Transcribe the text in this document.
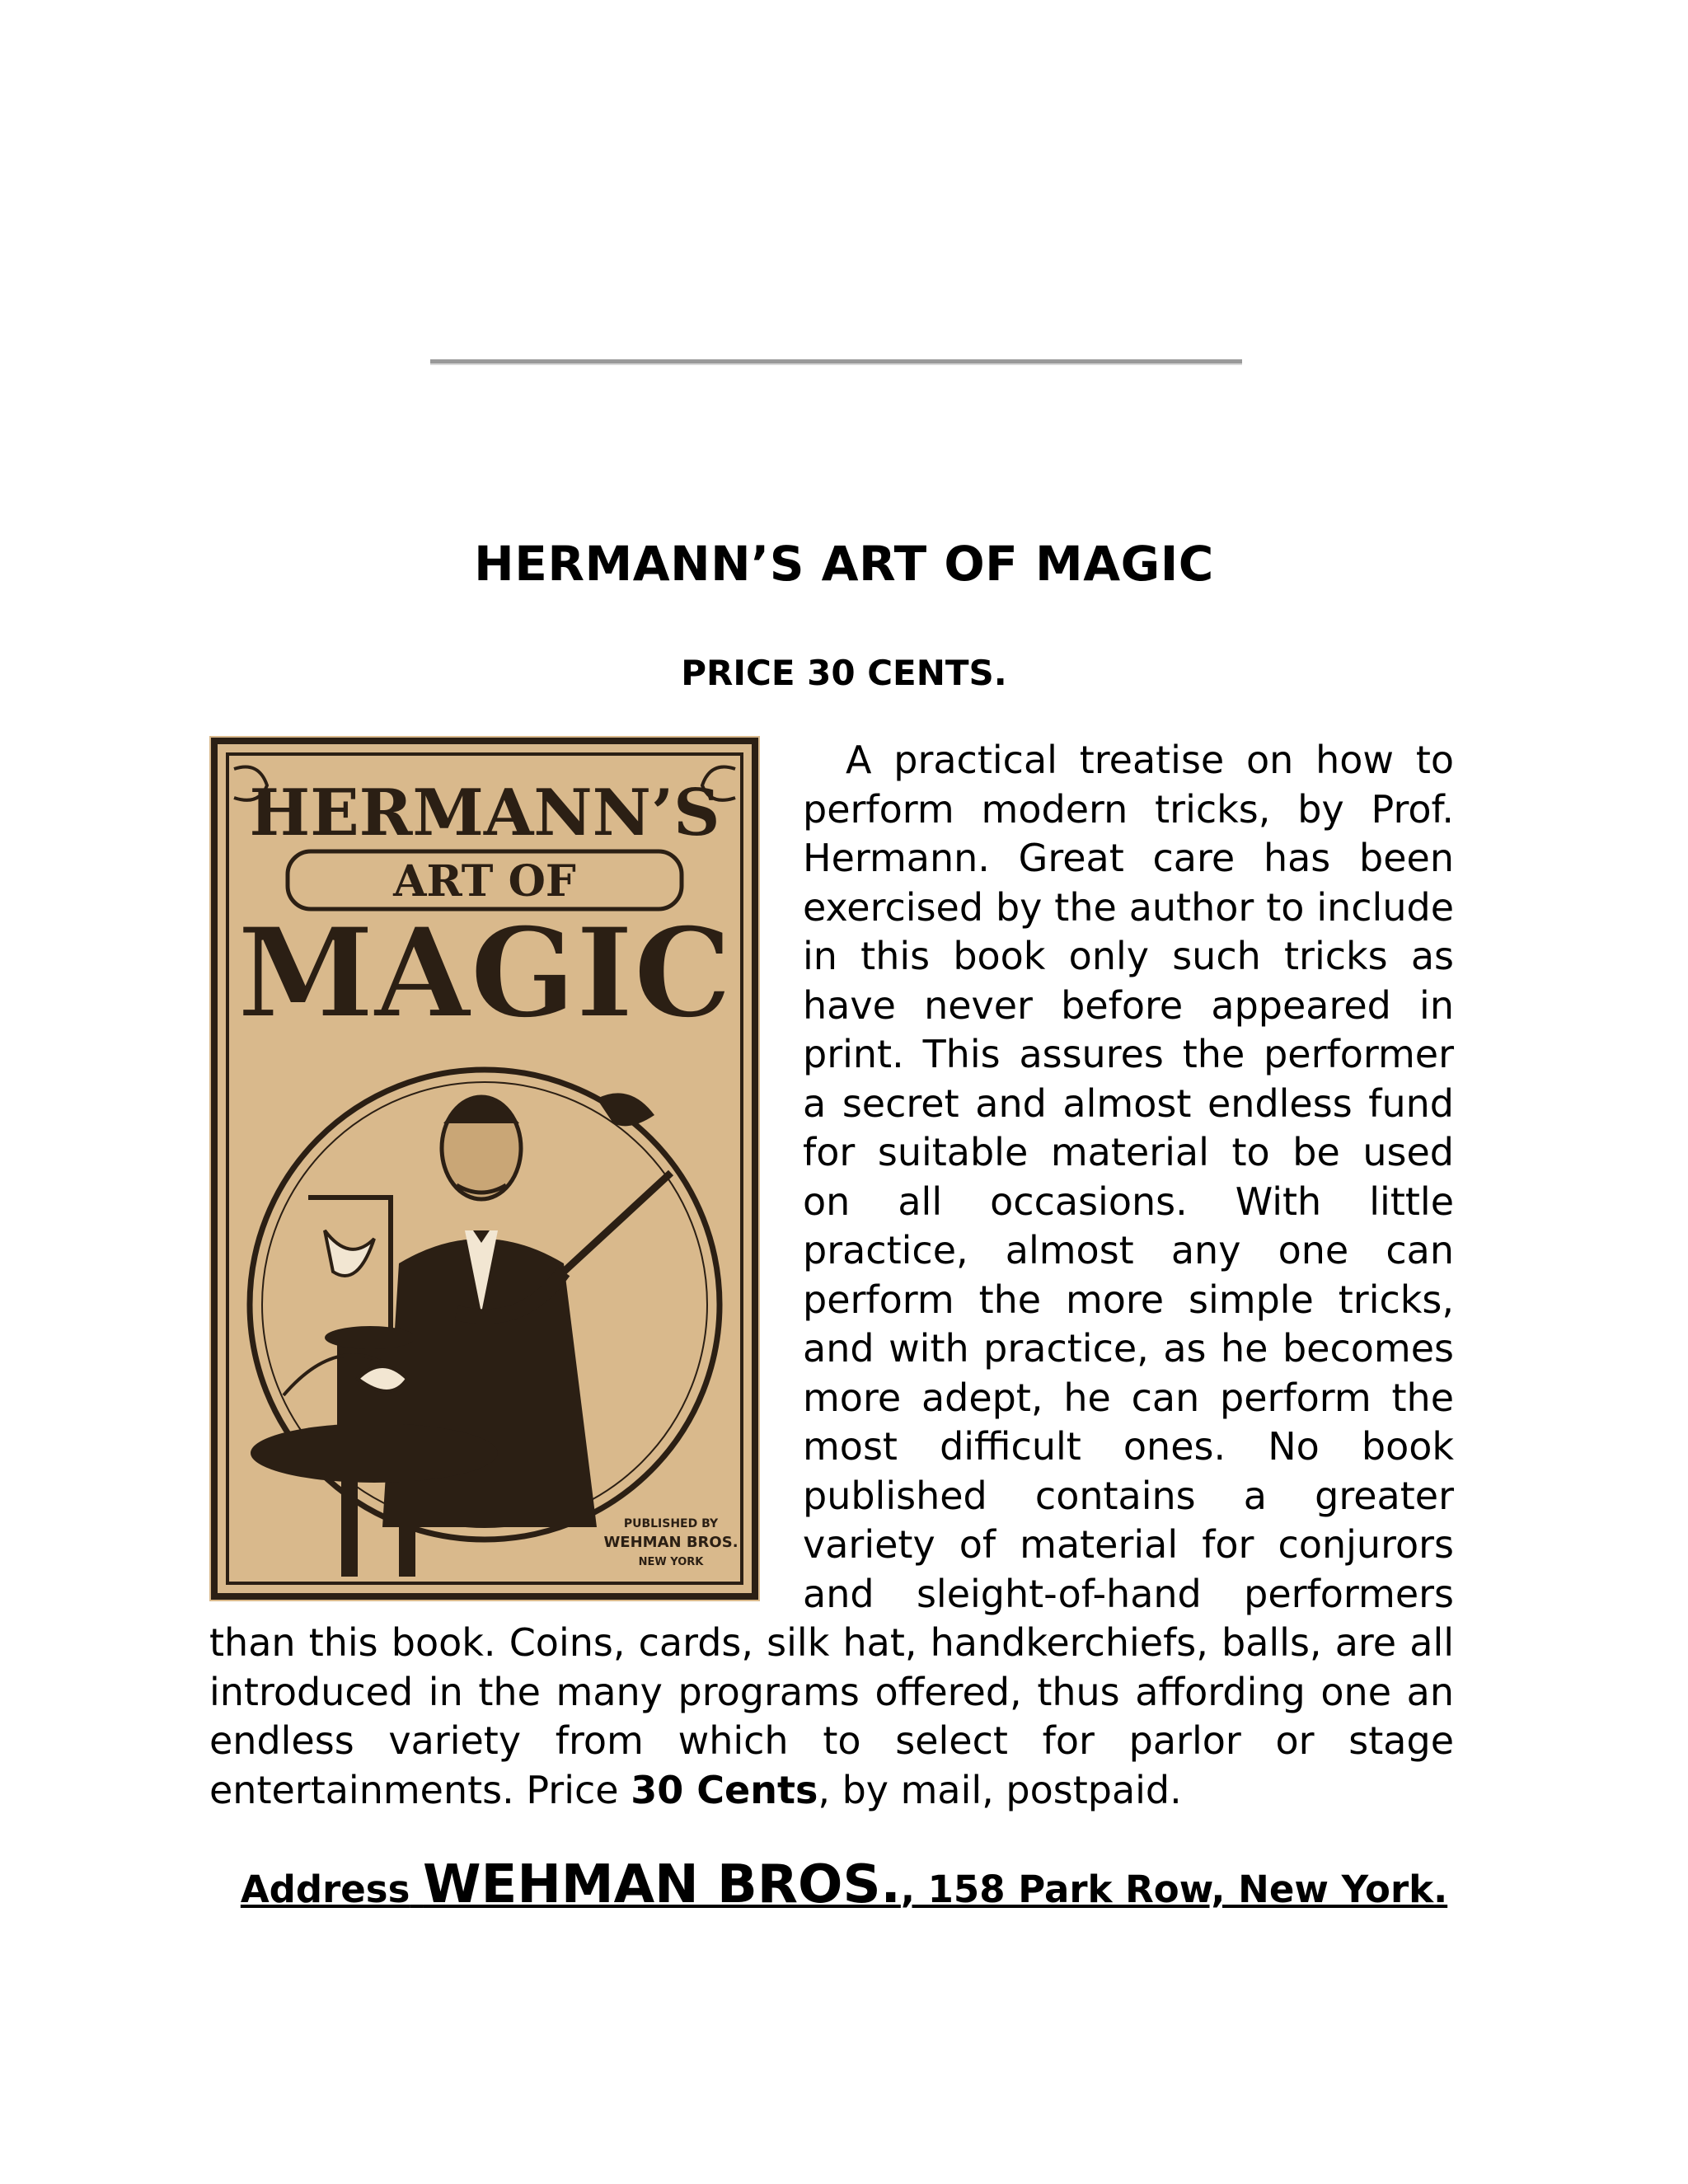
HERMANN’S ART OF MAGIC
PRICE 30 CENTS.
HERMANN’S
ART OF
MAGIC
PUBLISHED BY
WEHMAN BROS.
NEW YORK
A practical treatise on how to perform modern tricks, by Prof. Hermann. Great care has been exercised by the author to include in this book only such tricks as have never before appeared in print. This assures the performer a secret and almost endless fund for suitable material to be used on all occasions. With little practice, almost any one can perform the more simple tricks, and with practice, as he becomes more adept, he can perform the most difficult ones. No book published contains a greater variety of material for conjurors and sleight-of-hand performers than this book. Coins, cards, silk hat, handkerchiefs, balls, are all introduced in the many programs offered, thus affording one an endless variety from which to select for parlor or stage entertainments. Price 30 Cents, by mail, postpaid.

Address WEHMAN BROS., 158 Park Row, New York.
